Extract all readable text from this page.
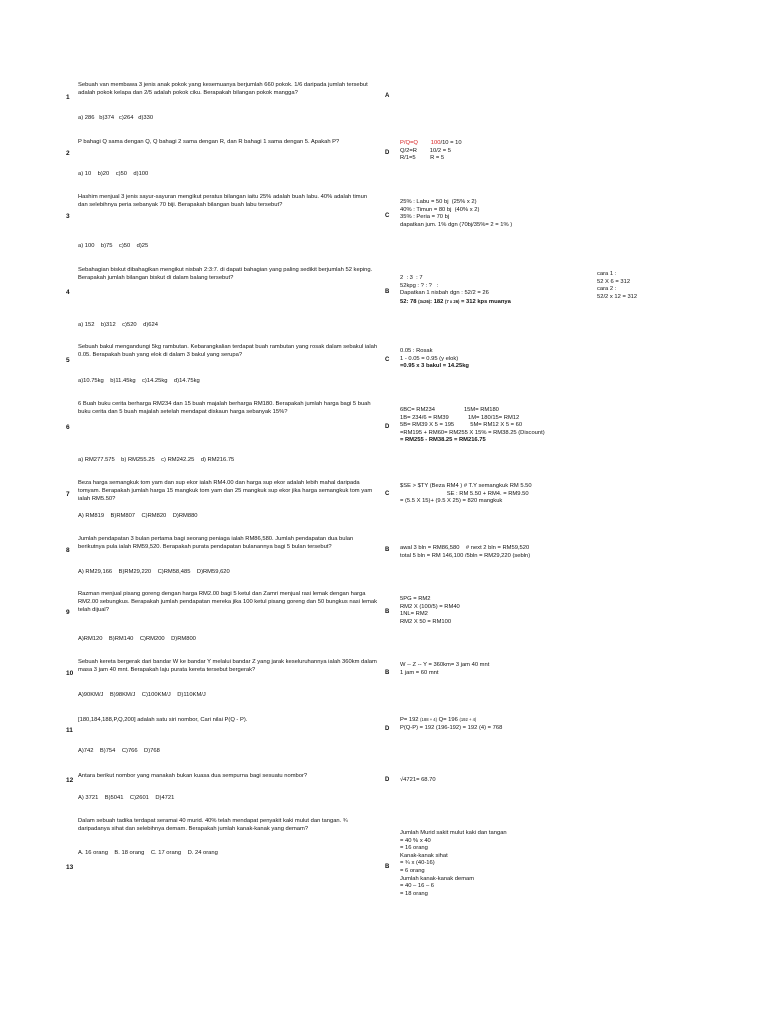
1
Sebuah van membawa 3 jenis anak pokok yang kesemuanya berjumlah 660 pokok. 1/6 daripada jumlah tersebut adalah pokok kelapa dan 2/5 adalah pokok ciku. Berapakah bilangan pokok mangga?
a) 286   b)374   c)264   d)330
A
2
P bahagi Q sama dengan Q, Q bahagi 2 sama dengan R, dan R bahagi 1 sama dengan 5. Apakah P?
a) 10    b)20    c)50    d)100
D
P/Q=Q 100/10 = 10
Q/2=R        10/2 = 5
R/1=5         R = 5
3
Hashim menjual 3 jenis sayur-sayuran mengikut peratus bilangan iaitu 25% adalah buah labu. 40% adalah timun dan selebihnya peria sebanyak 70 biji. Berapakah bilangan buah labu tersebut?
a) 100    b)75    c)50    d)25
C
25% : Labu = 50 bj  (25% x 2)
40% : Timun = 80 bj  (40% x 2)
35% : Peria = 70 bj
dapatkan jum. 1% dgn (70bj/35%= 2 = 1% )
4
Sebahagian biskut dibahagikan mengikut nisbah 2:3:7. di dapati bahagian yang paling sedikit berjumlah 52 keping. Berapakah jumlah bilangan biskut di dalam balang tersebut?
a) 152    b)312    c)520    d)624
B
2  : 3  : 7
52kpg : ? : ?   :
Dapatkan 1 nisbah dgn : 52/2 = 26
52: 78 (3x26): 182 (7 x 26) = 312 kps muanya
cara 1 :
52 X 6 = 312
cara 2 :
52/2 x 12 = 312
5
Sebuah bakul mengandungi 5kg rambutan. Kebarangkalian terdapat buah rambutan yang rosak dalam sebakul ialah 0.05. Berapakah buah yang elok di dalam 3 bakul yang serupa?
a)10.75kg    b)11.45kg    c)14.25kg    d)14.75kg
C
0.05 : Rosak
1 - 0.05 = 0.95 (y elok)
=0.95 x 3 bakul = 14.25kg
6
6 Buah buku cerita berharga RM234 dan 15 buah majalah berharga RM180. Berapakah jumlah harga bagi 5 buah buku cerita dan 5 buah majalah setelah mendapat diskaun harga sebanyak 15%?
a) RM277.575    b) RM255.25    c) RM242.25    d) RM216.75
D
6BC= RM234                  15M= RM180
1B= 234/6 = RM39            1M= 180/15= RM12
5B= RM39 X 5 = 195          5M= RM12 X 5 = 60
=RM195 + RM60= RM255 X 15% = RM38.25 (Discount)
= RM255 - RM38.25 = RM216.75
7
Beza harga semangkuk tom yam dan sup ekor ialah RM4.00 dan harga sup ekor adalah lebih mahal daripada tomyam. Berapakah jumlah harga 15 mangkuk tom yam dan 25 mangkuk sup ekor jika harga semangkuk tom yam ialah RM5.50?
A) RM819    B)RM807    C)RM820    D)RM880
C
$SE > $TY (Beza RM4 ) # T.Y semangkuk RM 5.50
SE : RM 5.50 + RM4. = RM9.50
= (5.5 X 15)+ (9.5 X 25) = 820 mangkuk
8
Jumlah pendapatan 3 bulan pertama bagi seorang peniaga ialah RM86,580. Jumlah pendapatan dua bulan berikutnya pula ialah RM59,520. Berapakah purata pendapatan bulanannya bagi 5 bulan tersebut?
A) RM29,166    B)RM29,220    C)RM58,485    D)RM59,620
B awal 3 bln = RM86,580    # next 2 bln = RM59,520
total 5 bln = RM 146,100 /5bln = RM29,220 (sebln)
9
Razman menjual pisang goreng dengan harga RM2.00 bagi 5 ketul dan Zamri menjual rasi lemak dengan harga RM2.00 sebungkus. Berapakah jumlah pendapatan mereka jika 100 ketul pisang goreng dan 50 bungkus nasi lemak telah dijual?
A)RM120    B)RM140    C)RM200    D)RM800
B
5PG = RM2
RM2 X (100/5) = RM40
1NL= RM2
RM2 X 50 = RM100
10
Sebuah kereta bergerak dari bandar W ke bandar Y melalui bandar Z yang jarak keseluruhannya ialah 360km dalam masa 3 jam 40 mnt. Berapakah laju purata kereta tersebut bergerak?
A)90KM/J    B)98KM/J    C)100KM/J    D)110KM/J
B
W -- Z -- Y = 360km= 3 jam 40 mnt
1 jam = 60 mnt
11
[180,184,188,P,Q,200] adalah satu siri nombor, Cari nilai P(Q - P).
A)742    B)754    C)766    D)768
D
P= 192 (188 + 4) Q= 196 (192 + 4)
P(Q-P) = 192 (196-192) = 192 (4) = 768
12
Antara berikut nombor yang manakah bukan kuasa dua sempurna bagi sesuatu nombor?
A) 3721    B)5041    C)2601    D)4721
D √4721= 68.70
13
Dalam sebuah tadika terdapat seramai 40 murid. 40% telah mendapat penyakit kaki mulut dan tangan. ¾ daripadanya sihat dan selebihnya demam. Berapakah jumlah kanak-kanak yang demam?
A. 16 orang    B. 18 orang    C. 17 orang    D. 24 orang
B
Jumlah Murid sakit mulut kaki dan tangan
= 40 % x 40
= 16 orang
Kanak-kanak sihat
= ¾ x (40-16)
= 6 orang
Jumlah kanak-kanak demam
= 40 – 16 – 6
= 18 orang
